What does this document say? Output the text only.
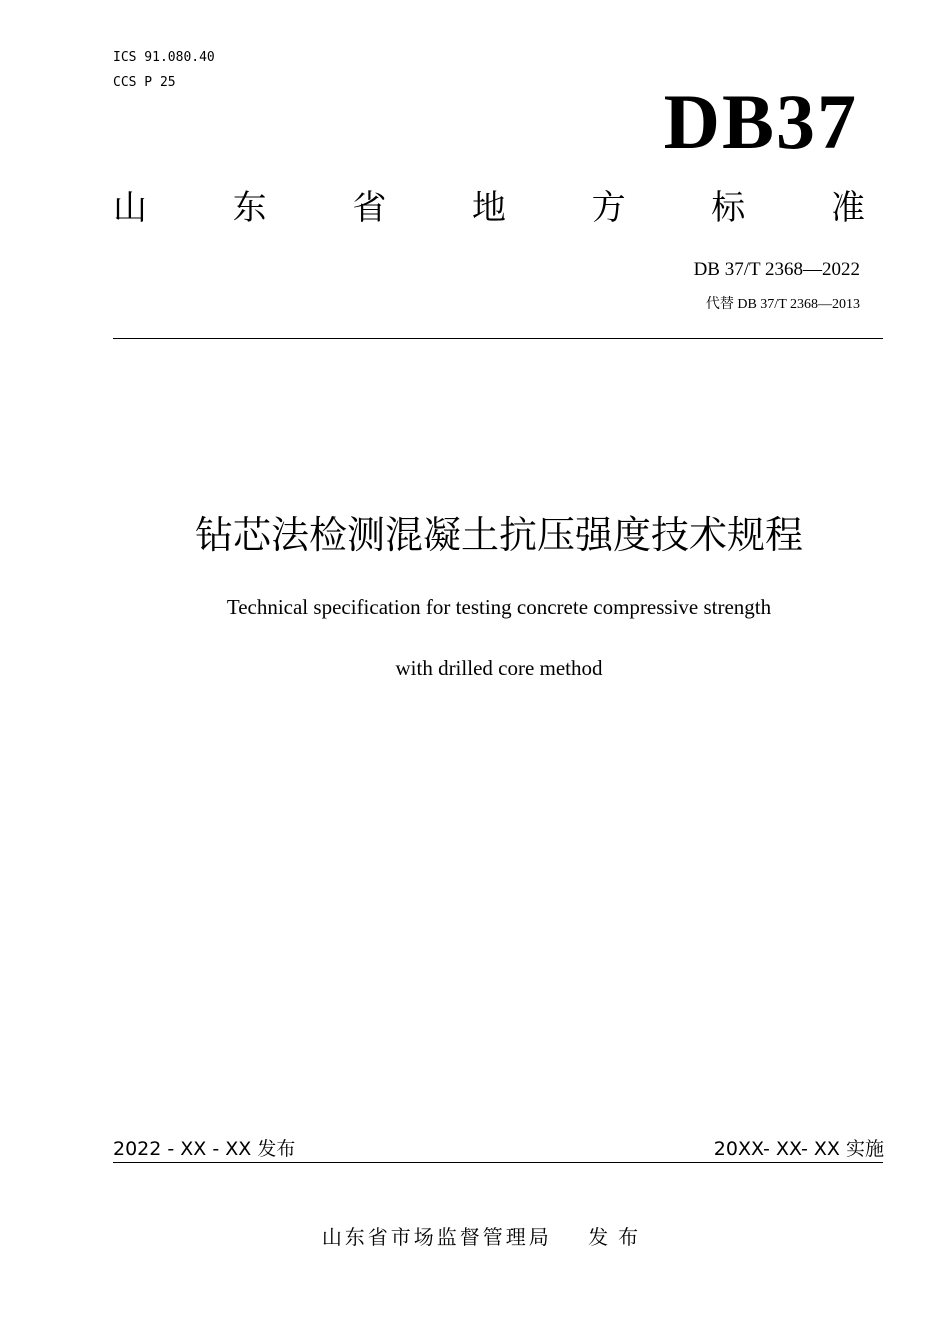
ICS 91.080.40
CCS P 25	DB37
山	东	省	地	方	标	准
DB 37/T 2368—2022
代替 DB 37/T 2368—2013
钻芯法检测混凝土抗压强度技术规程
Technical specification for testing concrete compressive strength
with drilled core method
2022 - XX - XX 发布	20XX- XX- XX 实施
山东省市场监督管理局 发布
